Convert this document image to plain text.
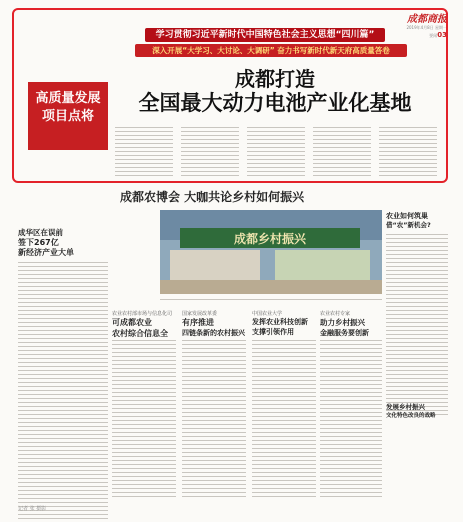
成都商报
2019年4月8日 星期一
要闻03
学习贯彻习近平新时代中国特色社会主义思想“四川篇”
深入开展“大学习、大讨论、大调研” 奋力书写新时代新天府高质量答卷
高质量发展
项目点将
成都打造
全国最大动力电池产业化基地
成都农博会 大咖共论乡村如何振兴
成华区在误前
签下267亿
新经济产业大单
成都乡村振兴
农业如何筑巢
借“农”新机会?
农业农村部市场与信息化司
可成都农业
农村综合信息全
国家发展改革委
有序推进
四链条新的农村振兴
中国农业大学
发挥农业科技创新
支撑引领作用
农业农村专家
助力乡村振兴
金融服务要创新
发展乡村振兴
文化特色改良的战略
记者 张 摄影
